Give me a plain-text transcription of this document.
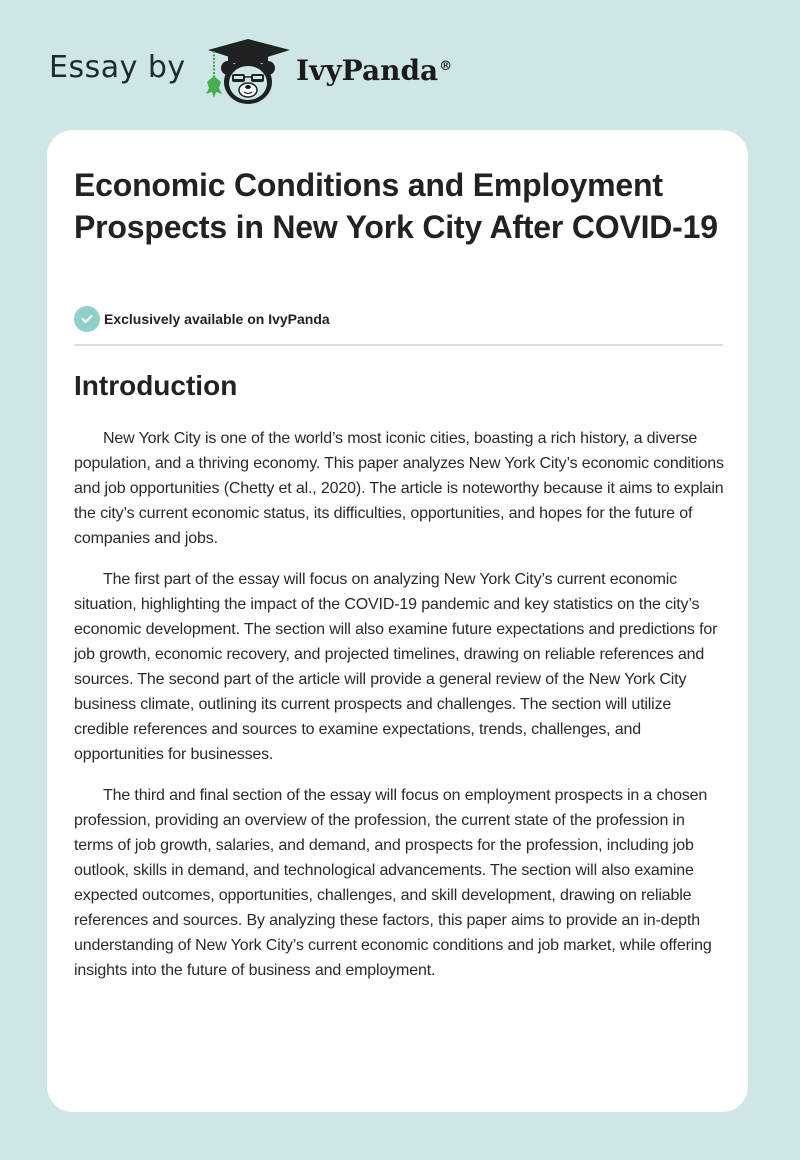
Essay by	IvyPanda®
Economic Conditions and Employment Prospects in New York City After COVID-19
Exclusively available on IvyPanda
Introduction

New York City is one of the world’s most iconic cities, boasting a rich history, a diverse population, and a thriving economy. This paper analyzes New York City’s economic conditions and job opportunities (Chetty et al., 2020). The article is noteworthy because it aims to explain the city’s current economic status, its difficulties, opportunities, and hopes for the future of companies and jobs.

The first part of the essay will focus on analyzing New York City’s current economic situation, highlighting the impact of the COVID-19 pandemic and key statistics on the city’s economic development. The section will also examine future expectations and predictions for job growth, economic recovery, and projected timelines, drawing on reliable references and sources. The second part of the article will provide a general review of the New York City business climate, outlining its current prospects and challenges. The section will utilize credible references and sources to examine expectations, trends, challenges, and opportunities for businesses.

The third and final section of the essay will focus on employment prospects in a chosen profession, providing an overview of the profession, the current state of the profession in terms of job growth, salaries, and demand, and prospects for the profession, including job outlook, skills in demand, and technological advancements. The section will also examine expected outcomes, opportunities, challenges, and skill development, drawing on reliable references and sources. By analyzing these factors, this paper aims to provide an in-depth understanding of New York City’s current economic conditions and job market, while offering insights into the future of business and employment.
